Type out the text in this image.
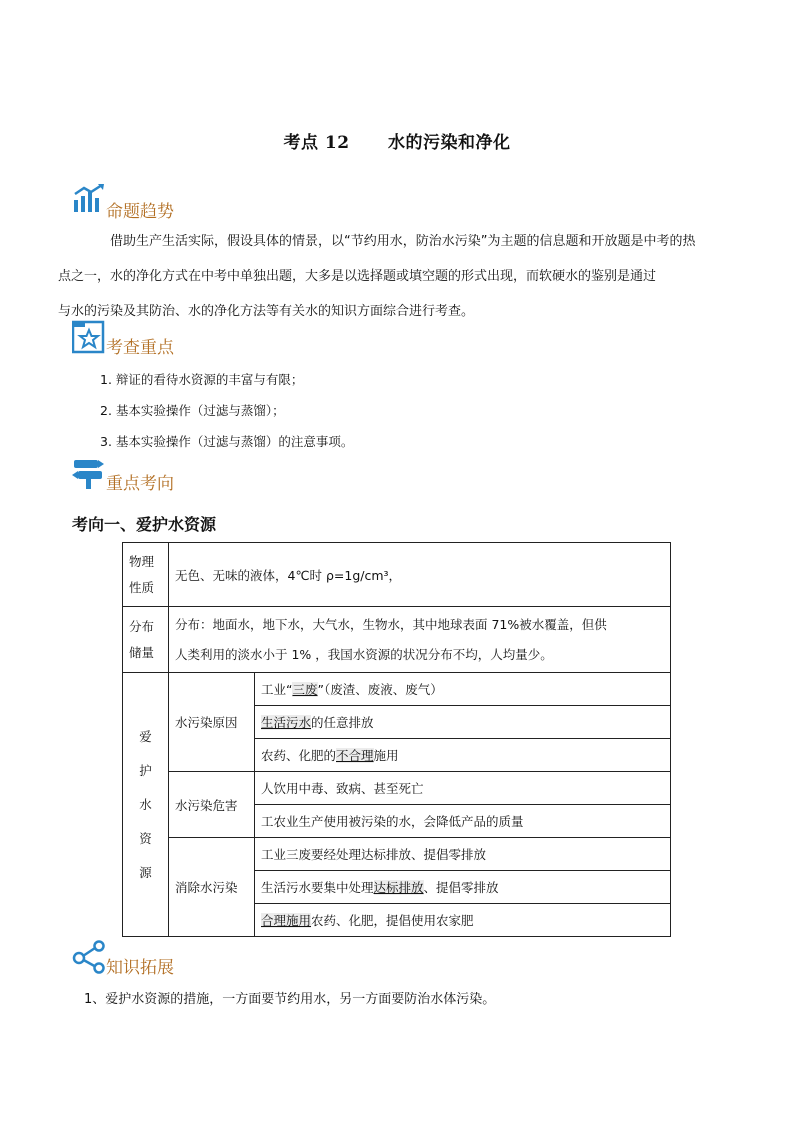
考点 12      水的污染和净化
命题趋势
借助生产生活实际，假设具体的情景，以“节约用水，防治水污染”为主题的信息题和开放题是中考的热
点之一，水的净化方式在中考中单独出题，大多是以选择题或填空题的形式出现，而软硬水的鉴别是通过
与水的污染及其防治、水的净化方法等有关水的知识方面综合进行考查。
考查重点
1. 辩证的看待水资源的丰富与有限；
2. 基本实验操作（过滤与蒸馏）；
3. 基本实验操作（过滤与蒸馏）的注意事项。
重点考向
考向一、爱护水资源
物理
性质	无色、无味的液体，4℃时 ρ=1g/cm³，	
分布
储量	分布：地面水，地下水，大气水，生物水，其中地球表面 71%被水覆盖，但供
人类利用的淡水小于 1% ，我国水资源的状况分布不均，人均量少。	
爱
护
水
资
源	水污染原因	工业“三废”（废渣、废液、废气）
		生活污水的任意排放
		农药、化肥的不合理施用
	水污染危害	人饮用中毒、致病、甚至死亡
		工农业生产使用被污染的水，会降低产品的质量
	消除水污染	工业三废要经处理达标排放、提倡零排放
		生活污水要集中处理达标排放、提倡零排放
		合理施用农药、化肥，提倡使用农家肥
知识拓展
1、爱护水资源的措施，一方面要节约用水，另一方面要防治水体污染。
